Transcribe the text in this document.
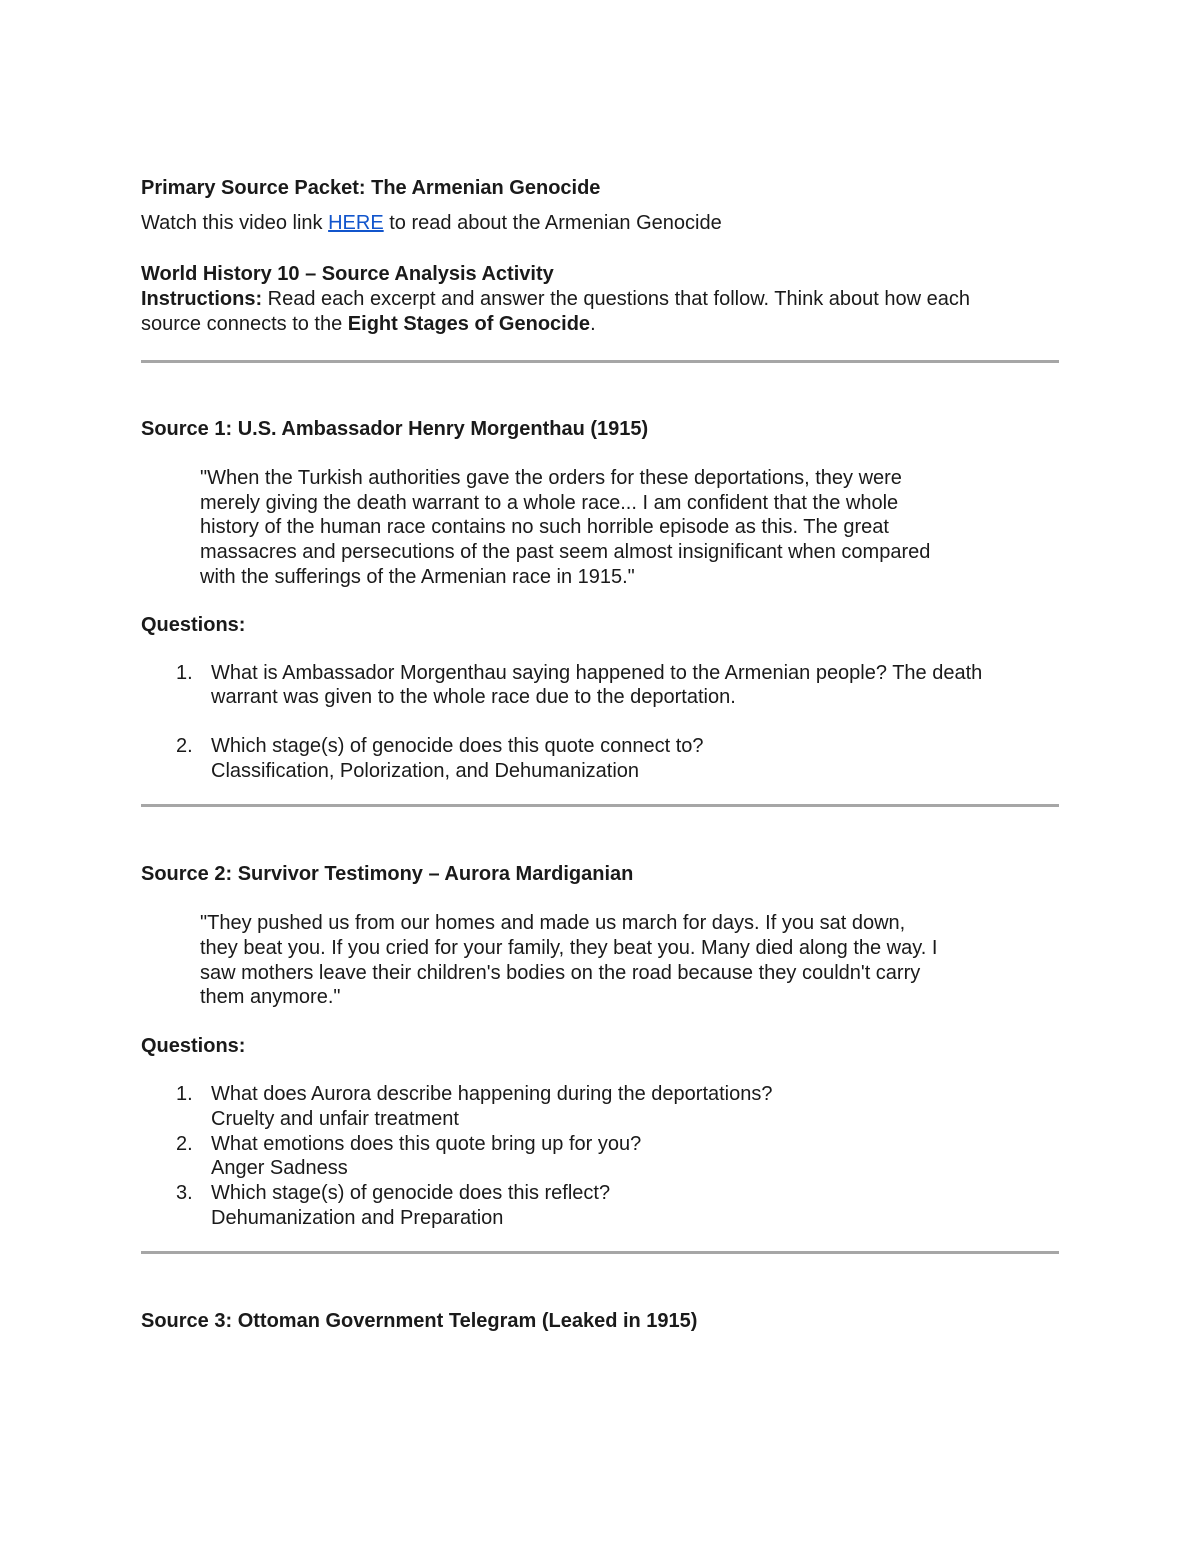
Primary Source Packet: The Armenian Genocide
Watch this video link HERE to read about the Armenian Genocide
World History 10 – Source Analysis Activity
Instructions: Read each excerpt and answer the questions that follow. Think about how each
source connects to the Eight Stages of Genocide.
Source 1: U.S. Ambassador Henry Morgenthau (1915)
"When the Turkish authorities gave the orders for these deportations, they were
merely giving the death warrant to a whole race... I am confident that the whole
history of the human race contains no such horrible episode as this. The great
massacres and persecutions of the past seem almost insignificant when compared
with the sufferings of the Armenian race in 1915."
Questions:
1. What is Ambassador Morgenthau saying happened to the Armenian people? The death
warrant was given to the whole race due to the deportation.
2. Which stage(s) of genocide does this quote connect to?
Classification, Polorization, and Dehumanization
Source 2: Survivor Testimony – Aurora Mardiganian
"They pushed us from our homes and made us march for days. If you sat down,
they beat you. If you cried for your family, they beat you. Many died along the way. I
saw mothers leave their children's bodies on the road because they couldn't carry
them anymore."
Questions:
1. What does Aurora describe happening during the deportations?
Cruelty and unfair treatment
2. What emotions does this quote bring up for you?
Anger Sadness
3. Which stage(s) of genocide does this reflect?
Dehumanization and Preparation
Source 3: Ottoman Government Telegram (Leaked in 1915)
